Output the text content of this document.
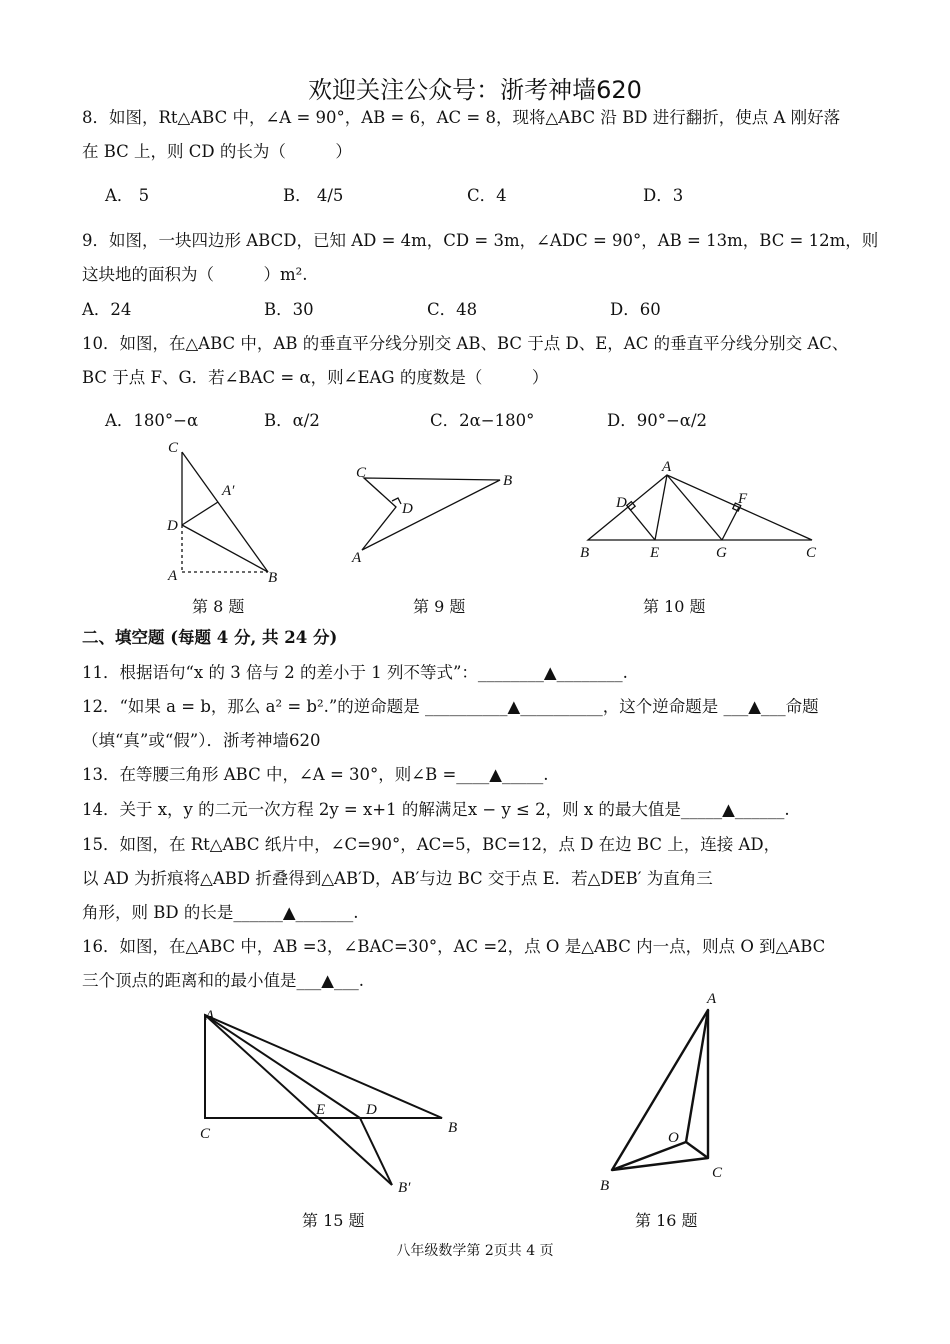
欢迎关注公众号：浙考神墙620
8．如图，Rt△ABC 中，∠A = 90°，AB = 6，AC = 8，现将△ABC 沿 BD 进行翻折，使点 A 刚好落
在 BC 上，则 CD 的长为（　　　）
A． 5	B． 4/5	C．4	D．3
9．如图，一块四边形 ABCD，已知 AD = 4m，CD = 3m，∠ADC = 90°，AB = 13m，BC = 12m，则
这块地的面积为（　　　）m².
A．24	B．30	C．48	D．60
10．如图，在△ABC 中，AB 的垂直平分线分别交 AB、BC 于点 D、E，AC 的垂直平分线分别交 AC、
BC 于点 F、G．若∠BAC = α，则∠EAG 的度数是（　　　）
A．180°−α	B．α/2	C．2α−180°	D．90°−α/2
C
A′
D
A	B
C	B
D
A
A
D	F
B	E	G	C
A
C
E	D
B
B′
A
O
B
C
第 8 题	第 9 题	第 10 题
二、填空题 (每题 4 分, 共 24 分)
11．根据语句“x 的 3 倍与 2 的差小于 1 列不等式”：________▲________.
12．“如果 a = b，那么 a² = b².”的逆命题是 __________▲__________，这个逆命题是 ___▲___命题
（填“真”或“假”）．浙考神墙620
13．在等腰三角形 ABC 中，∠A = 30°，则∠B =____▲_____.
14．关于 x，y 的二元一次方程 2y = x+1 的解满足x − y ≤ 2，则 x 的最大值是_____▲______.
15．如图，在 Rt△ABC 纸片中，∠C=90°，AC=5，BC=12，点 D 在边 BC 上，连接 AD，
以 AD 为折痕将△ABD 折叠得到△AB′D，AB′与边 BC 交于点 E．若△DEB′ 为直角三
角形，则 BD 的长是______▲_______.
16．如图，在△ABC 中，AB =3，∠BAC=30°，AC =2，点 O 是△ABC 内一点，则点 O 到△ABC
三个顶点的距离和的最小值是___▲___.
第 15 题	第 16 题
八年级数学第 2页共 4 页
